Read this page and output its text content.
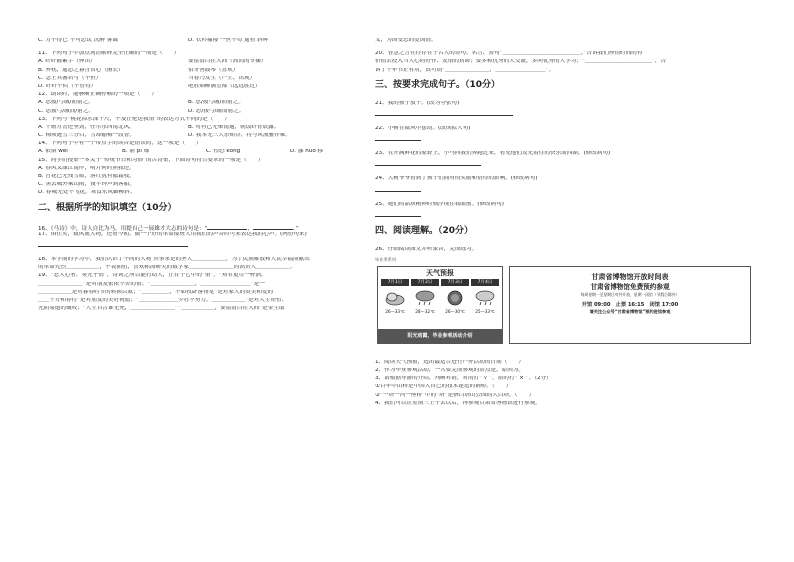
C. 万不得已 不可思议 沉醉 雾霭	D. 衣衫褴褛 一丝不苟 遥看 斜晖
11、下列句子中加点词语解释完全正确的一项是（　　）
A. 纤纤擢素手（伸出）	要留清白在人间（高尚的节操）
B. 弃枕，遥思之暮含省心（擅长）	伯牙善鼓琴（喜欢）
C. 念王其蕃若与（不但）	当春乃发生（产生、出现）
D. 纤纤不似（不曾得）	绝胜烟柳满皇都（远远胜过）
12、朗读时，能够断正确停顿的一项是（　　）
A. 思援/弓缴/而射之。	B. 思/援弓缴/而射之。
C. 思援弓/缴而/射之。	D. 思/援弓/缴而射之。
13、下列与“桃花潭水深千尺，不及汪伦送我情”的表达方式不同的是（　　）
A. 千磨万击还坚劲，任尔东西南北风。	B. 莺有己无柴南通，朝饭纤青晨露。
C. 梅须逊雪三分白，雪却输梅一段香。	D. 我本无三大乐贻谷，将与风流雅作难。
14、下列句子中有一个带点字的读音是错误的，这一项是（　　）
A. 依偎 wēi	B. 箭 pì 靡	C. 惶恐 kǒng	D. 挪 nuó 移
15、同学们搜集一本关于“传统节日和习俗”的古诗集，下面诗句符合要求的一项是（　　）
A. 春风又绿江南岸，明月何时照我还。
B. 宫花已无残雪暖，落红犹有傲霜枝。
C. 黑云城外乘山雨，夜半钟声到客船。
D. 春城无处不飞花，寒食东风御柳斜。
二、根据所学的知识填空（10分）
16、《马诗》中，诗人自比为马，用提自己一展雄才大志的诗句是：“	，	。”
17、俱往矣，数风流人物，还看今朝。做一个好的革命接班人用我们的声音时可来表达我的心声。(两份句来)
18、本学期的学习中，我们认识了不同的人物 冥事求是的圣人＿＿＿＿＿＿，为了民族解放和人民幸福而献出
的革命先烈＿＿＿＿＿＿，不畏佣伍，喜欢标海研究的数学家＿＿＿＿＿＿＿＿的高贵人＿＿＿＿＿＿。
19、“恶人心者，莫先乎情”，诗词之所以能打动人，正在于它中的“情”。“劝君更尽一杯酒，
＿＿＿＿＿＿＿＿”是对朋友依依不舍的情；“＿＿＿＿＿＿＿＿，＿＿＿＿＿＿＿＿＿”是一
＿＿＿＿＿＿是对暮春时节的转换以歌；“＿＿＿＿＿，不如牧卧落徘宽”是对家人的赞美和爱的
＿＿千万和春住”是对朋友的美好祝愿；“＿＿＿＿＿＿＿少壮不努力。＿＿＿＿＿＿”是对人生短暂、
光阴易逝的慨叹；“人生自古谁无死，＿＿＿＿＿＿＿＿”“＿＿＿＿＿＿，要留清白在人间”是金生取
义，为国受忠的爱国情。
20、智慧之言往往存在于古人的诗句、名言、警句“＿＿＿＿＿＿＿＿＿＿＿＿＿＿。”告诉我们珍惜时间的有
价值去投入当人心的好作、友情的真谛；要多和优秀的人交流，多向优秀的人学习；“＿＿＿＿＿＿＿＿＿＿＿＿”，告
诉了十年书正有用，真可谓“＿＿＿＿＿＿＿＿，＿＿＿＿＿＿＿＿＿”。
三、按要求完成句子。（10分）
21、我的孩子放干。(改为夸张句)
22、小树在微风中摆动。(改成拟人句)
23、在开满鲜花的原野上，小马向我们奔跑过来，看见他们发光着住的快乐而西湖。(修改病句)
24、大树爷爷看到了孩子们拥有的奖励和惜得的影响。(修改病句)
25、她们的品质精神时刻浮现在我眼前。(修改病句)
四、阅读理解。（20分）
26、仔细阅读图文并听录音，完成练习。
毕业季系列
天气预报
7月1日
26—33℃
7月2日
28—32℃
7月3日
26—30℃
7月4日
25—33℃
阳光雨露，毕业参观活动介绍
甘肃省博物馆开放时间表
甘肃省博物馆免费预约参观
每周星期一至星期日对外开放，星期一闭馆（节假日除外）
开馆 09:00　止票 16:15　闭馆 17:00
请关注公众号“甘肃省博物馆”预约进馆参观
1、阅读天气预报，选出最适合进行户外活动的日期（　　）
2、作为毕业参观活动，一共要完成参观的景点是，原因为。
3、请根据导游的介绍，判断对错，对的打“ √ ”，错的打“ × ”。（2分）
①百年中山桥是中国人自己的技术建造的钢桥。（　　）
②“一塔一河一座桥”中的“塔”是指白塔山公园的大白塔。（　　）
4、我们可以在星期三上午去以后，再参观甘肃省博物馆进行参观。
